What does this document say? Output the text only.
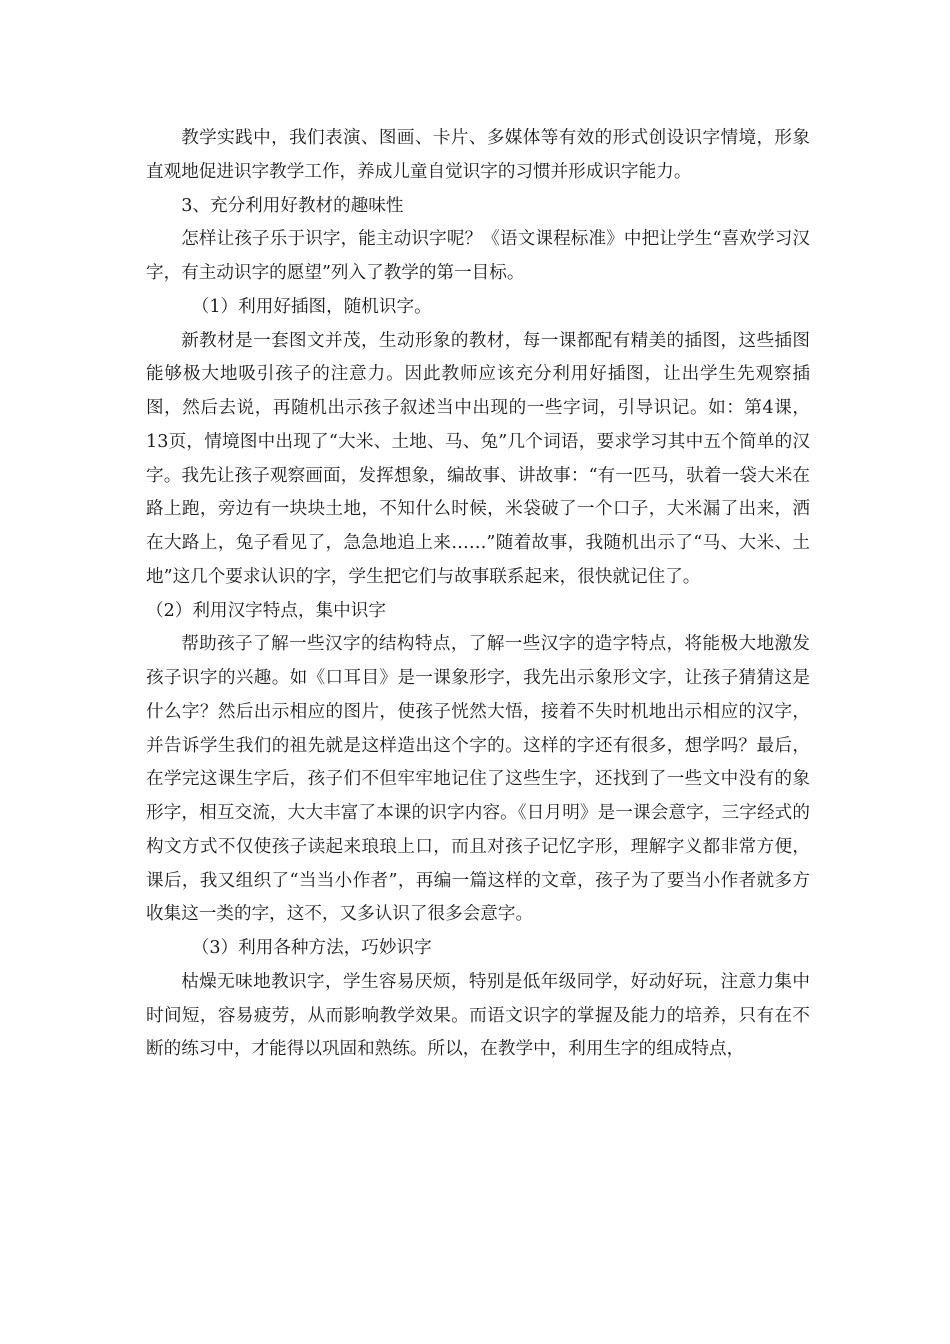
教学实践中，我们表演、图画、卡片、多媒体等有效的形式创设识字情境，形象直观地促进识字教学工作，养成儿童自觉识字的习惯并形成识字能力。

3、充分利用好教材的趣味性

怎样让孩子乐于识字，能主动识字呢？《语文课程标准》中把让学生“喜欢学习汉字，有主动识字的愿望”列入了教学的第一目标。

（1）利用好插图，随机识字。

新教材是一套图文并茂，生动形象的教材，每一课都配有精美的插图，这些插图能够极大地吸引孩子的注意力。因此教师应该充分利用好插图，让出学生先观察插图，然后去说，再随机出示孩子叙述当中出现的一些字词，引导识记。如：第4课，13页，情境图中出现了“大米、土地、马、兔”几个词语，要求学习其中五个简单的汉字。我先让孩子观察画面，发挥想象，编故事、讲故事：“有一匹马，驮着一袋大米在路上跑，旁边有一块块土地，不知什么时候，米袋破了一个口子，大米漏了出来，洒在大路上，兔子看见了，急急地追上来……”随着故事，我随机出示了“马、大米、土地”这几个要求认识的字，学生把它们与故事联系起来，很快就记住了。

（2）利用汉字特点，集中识字

帮助孩子了解一些汉字的结构特点，了解一些汉字的造字特点，将能极大地激发孩子识字的兴趣。如《口耳目》是一课象形字，我先出示象形文字，让孩子猜猜这是什么字？然后出示相应的图片，使孩子恍然大悟，接着不失时机地出示相应的汉字，并告诉学生我们的祖先就是这样造出这个字的。这样的字还有很多，想学吗？最后，在学完这课生字后，孩子们不但牢牢地记住了这些生字，还找到了一些文中没有的象形字，相互交流，大大丰富了本课的识字内容。《日月明》是一课会意字，三字经式的构文方式不仅使孩子读起来琅琅上口，而且对孩子记忆字形，理解字义都非常方便，课后，我又组织了“当当小作者”，再编一篇这样的文章，孩子为了要当小作者就多方收集这一类的字，这不，又多认识了很多会意字。

（3）利用各种方法，巧妙识字

枯燥无味地教识字，学生容易厌烦，特别是低年级同学，好动好玩，注意力集中时间短，容易疲劳，从而影响教学效果。而语文识字的掌握及能力的培养，只有在不断的练习中，才能得以巩固和熟练。所以，在教学中，利用生字的组成特点，
